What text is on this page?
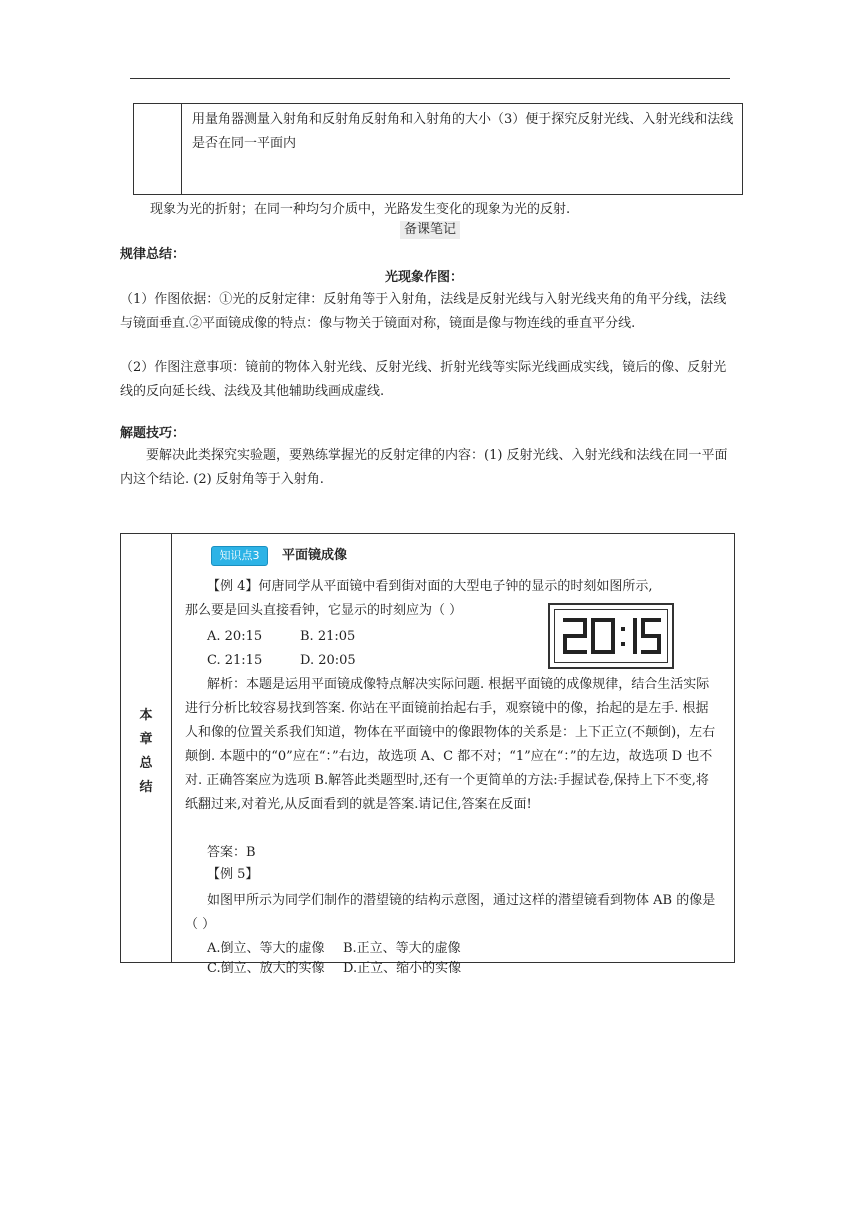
用量角器测量入射角和反射角反射角和入射角的大小（3）便于探究反射光线、入射光线和法线是否在同一平面内
现象为光的折射；在同一种均匀介质中，光路发生变化的现象为光的反射.
备课笔记
规律总结：
光现象作图：
（1）作图依据：①光的反射定律：反射角等于入射角，法线是反射光线与入射光线夹角的角平分线，法线与镜面垂直.②平面镜成像的特点：像与物关于镜面对称，镜面是像与物连线的垂直平分线.
（2）作图注意事项：镜前的物体入射光线、反射光线、折射光线等实际光线画成实线，镜后的像、反射光线的反向延长线、法线及其他辅助线画成虚线.
解题技巧：
要解决此类探究实验题，要熟练掌握光的反射定律的内容：(1) 反射光线、入射光线和法线在同一平面内这个结论. (2) 反射角等于入射角.
本
章
总
结
知识点3	平面镜成像
【例 4】何唐同学从平面镜中看到街对面的大型电子钟的显示的时刻如图所示,
那么要是回头直接看钟，它显示的时刻应为（ ）
A. 20:15	B. 21:05
C. 21:15	D. 20:05
解析：本题是运用平面镜成像特点解决实际问题. 根据平面镜的成像规律，结合生活实际进行分析比较容易找到答案. 你站在平面镜前抬起右手，观察镜中的像，抬起的是左手. 根据人和像的位置关系我们知道，物体在平面镜中的像跟物体的关系是：上下正立(不颠倒)，左右颠倒. 本题中的“0”应在“：”右边，故选项 A、C 都不对；“1”应在“：”的左边，故选项 D 也不对. 正确答案应为选项 B.解答此类题型时,还有一个更简单的方法:手握试卷,保持上下不变,将纸翻过来,对着光,从反面看到的就是答案.请记住,答案在反面!
答案：B
【例 5】
如图甲所示为同学们制作的潜望镜的结构示意图，通过这样的潜望镜看到物体 AB 的像是（ ）
A.倒立、等大的虚像 B.正立、等大的虚像
C.倒立、放大的实像 D.正立、缩小的实像
